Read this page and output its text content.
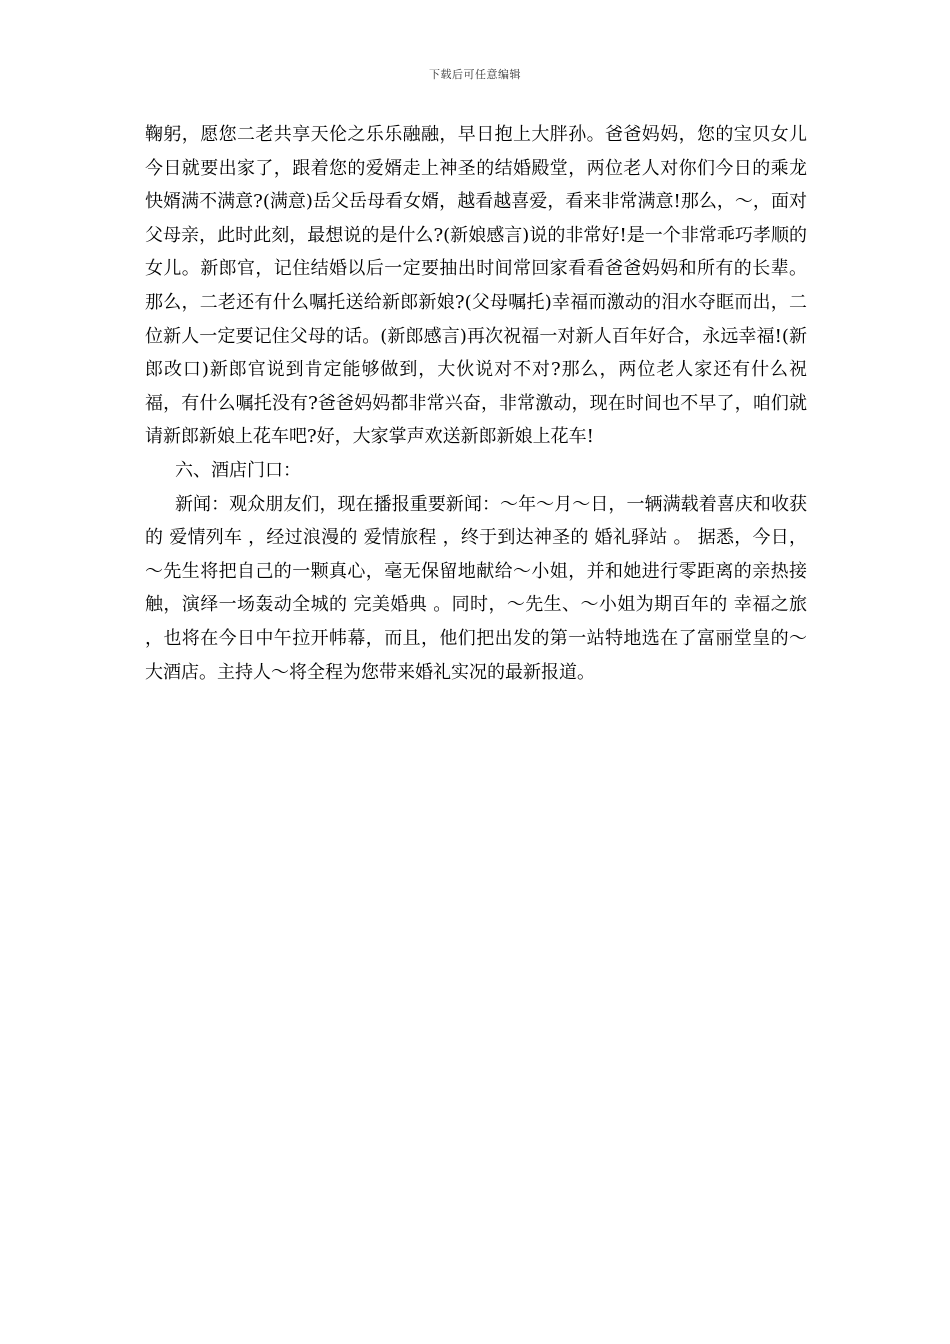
下载后可任意编辑

鞠躬，愿您二老共享天伦之乐乐融融，早日抱上大胖孙。爸爸妈妈，您的宝贝女儿今日就要出家了，跟着您的爱婿走上神圣的结婚殿堂，两位老人对你们今日的乘龙快婿满不满意?(满意)岳父岳母看女婿，越看越喜爱，看来非常满意!那么，～，面对父母亲，此时此刻，最想说的是什么?(新娘感言)说的非常好!是一个非常乖巧孝顺的女儿。新郎官，记住结婚以后一定要抽出时间常回家看看爸爸妈妈和所有的长辈。那么，二老还有什么嘱托送给新郎新娘?(父母嘱托)幸福而激动的泪水夺眶而出，二位新人一定要记住父母的话。(新郎感言)再次祝福一对新人百年好合，永远幸福!(新郎改口)新郎官说到肯定能够做到，大伙说对不对?那么，两位老人家还有什么祝福，有什么嘱托没有?爸爸妈妈都非常兴奋，非常激动，现在时间也不早了，咱们就请新郎新娘上花车吧?好，大家掌声欢送新郎新娘上花车!

六、酒店门口：

新闻：观众朋友们，现在播报重要新闻：～年～月～日，一辆满载着喜庆和收获的 爱情列车 ，经过浪漫的 爱情旅程 ，终于到达神圣的 婚礼驿站 。 据悉，今日，～先生将把自己的一颗真心，毫无保留地献给～小姐，并和她进行零距离的亲热接触，演绎一场轰动全城的 完美婚典 。同时，～先生、～小姐为期百年的 幸福之旅 ，也将在今日中午拉开帏幕，而且，他们把出发的第一站特地选在了富丽堂皇的～大酒店。主持人～将全程为您带来婚礼实况的最新报道。
